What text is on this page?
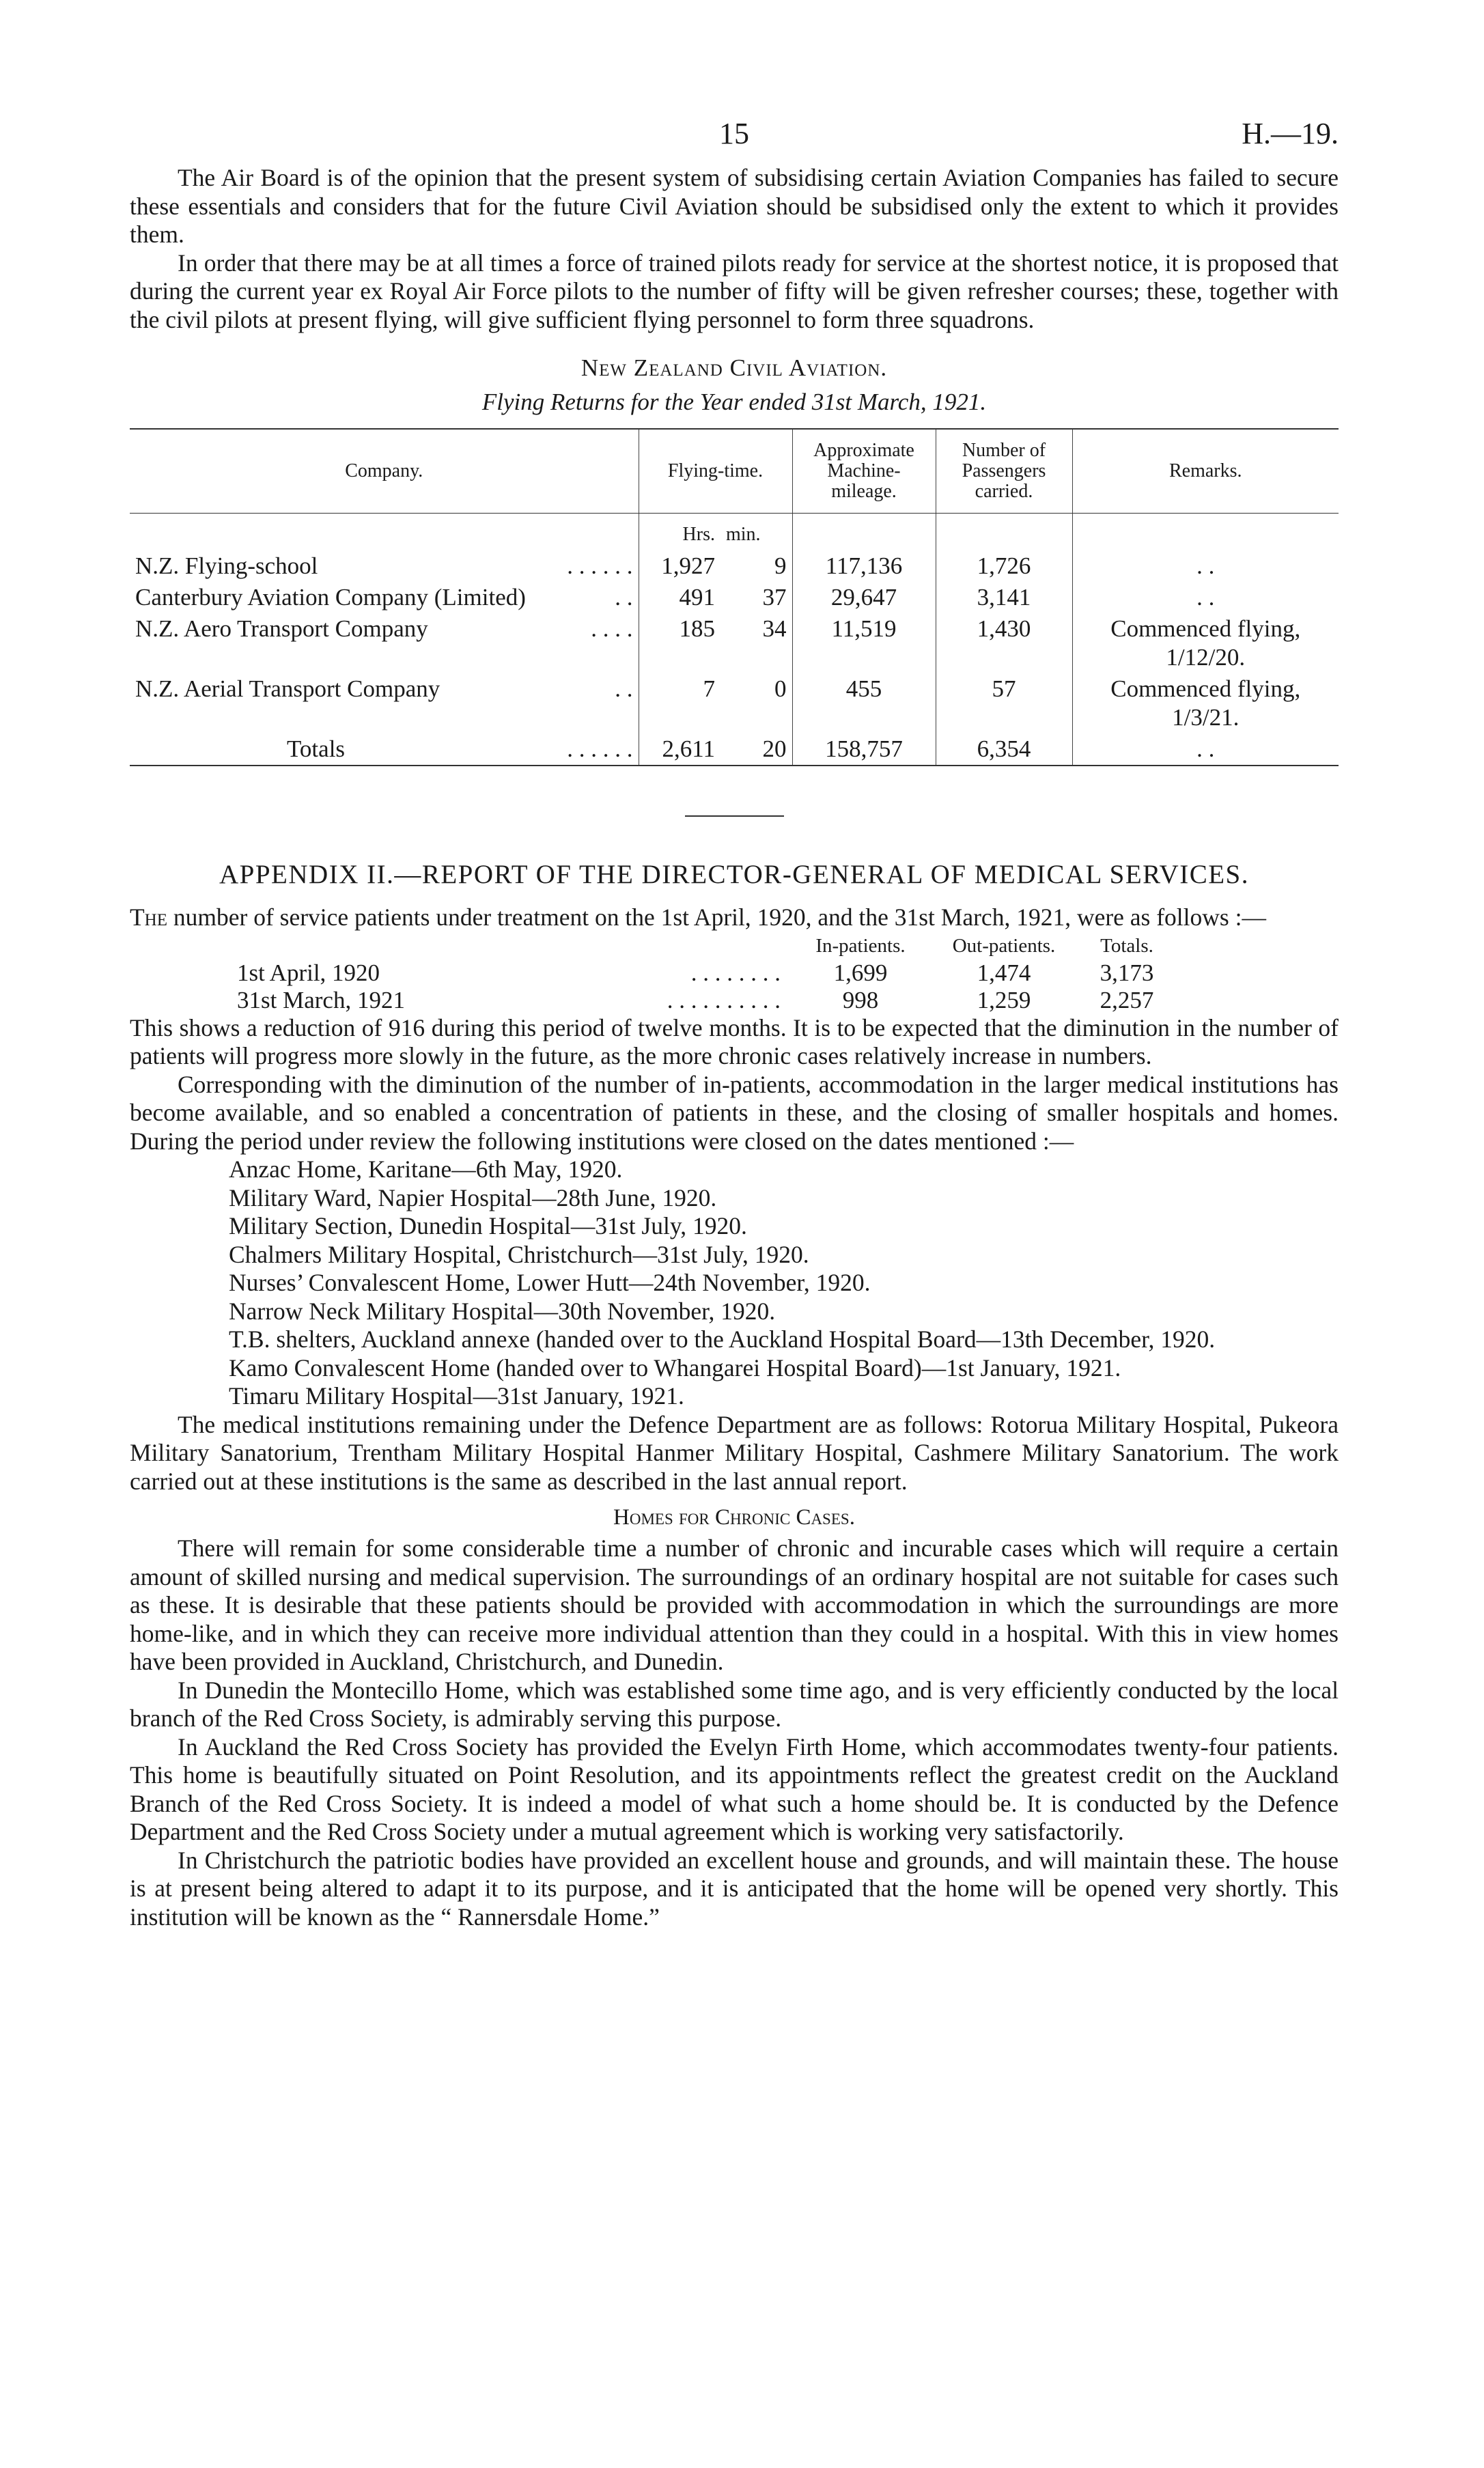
15	H.—19.

The Air Board is of the opinion that the present system of subsidising certain Aviation Companies has failed to secure these essentials and considers that for the future Civil Aviation should be subsidised only the extent to which it provides them.

In order that there may be at all times a force of trained pilots ready for service at the shortest notice, it is proposed that during the current year ex Royal Air Force pilots to the number of fifty will be given refresher courses; these, together with the civil pilots at present flying, will give sufficient flying personnel to form three squadrons.

New Zealand Civil Aviation.
Flying Returns for the Year ended 31st March, 1921.
Company.	Flying-time.		Approximate Machine-mileage.	Number of Passengers carried.	Remarks.
	Hrs.	min.			
N.Z. Flying-school . . . . . .	1,927	9	117,136	1,726	. .
Canterbury Aviation Company (Limited) . .	491	37	29,647	3,141	. .
N.Z. Aero Transport Company . . . .	185	34	11,519	1,430	Commenced flying, 1/12/20.
N.Z. Aerial Transport Company . .	7	0	455	57	Commenced flying, 1/3/21.
Totals . . . . . .	2,611	20	158,757	6,354	. .
APPENDIX II.—REPORT OF THE DIRECTOR-GENERAL OF MEDICAL SERVICES.

The number of service patients under treatment on the 1st April, 1920, and the 31st March, 1921, were as follows :—

		In-patients.	Out-patients.	Totals.
1st April, 1920	. . . . . . . .	1,699	1,474	3,173
31st March, 1921	. . . . . . . . . .	998	1,259	2,257

This shows a reduction of 916 during this period of twelve months. It is to be expected that the diminution in the number of patients will progress more slowly in the future, as the more chronic cases relatively increase in numbers.

Corresponding with the diminution of the number of in-patients, accommodation in the larger medical institutions has become available, and so enabled a concentration of patients in these, and the closing of smaller hospitals and homes. During the period under review the following institutions were closed on the dates mentioned :—

Anzac Home, Karitane—6th May, 1920.

Military Ward, Napier Hospital—28th June, 1920.

Military Section, Dunedin Hospital—31st July, 1920.

Chalmers Military Hospital, Christchurch—31st July, 1920.

Nurses’ Convalescent Home, Lower Hutt—24th November, 1920.

Narrow Neck Military Hospital—30th November, 1920.

T.B. shelters, Auckland annexe (handed over to the Auckland Hospital Board—13th December, 1920.

Kamo Convalescent Home (handed over to Whangarei Hospital Board)—1st January, 1921.

Timaru Military Hospital—31st January, 1921.

The medical institutions remaining under the Defence Department are as follows: Rotorua Military Hospital, Pukeora Military Sanatorium, Trentham Military Hospital Hanmer Military Hospital, Cashmere Military Sanatorium. The work carried out at these institutions is the same as described in the last annual report.

Homes for Chronic Cases.

There will remain for some considerable time a number of chronic and incurable cases which will require a certain amount of skilled nursing and medical supervision. The surroundings of an ordinary hospital are not suitable for cases such as these. It is desirable that these patients should be provided with accommodation in which the surroundings are more home-like, and in which they can receive more individual attention than they could in a hospital. With this in view homes have been provided in Auckland, Christchurch, and Dunedin.

In Dunedin the Montecillo Home, which was established some time ago, and is very efficiently conducted by the local branch of the Red Cross Society, is admirably serving this purpose.

In Auckland the Red Cross Society has provided the Evelyn Firth Home, which accommodates twenty-four patients. This home is beautifully situated on Point Resolution, and its appointments reflect the greatest credit on the Auckland Branch of the Red Cross Society. It is indeed a model of what such a home should be. It is conducted by the Defence Department and the Red Cross Society under a mutual agreement which is working very satisfactorily.

In Christchurch the patriotic bodies have provided an excellent house and grounds, and will maintain these. The house is at present being altered to adapt it to its purpose, and it is anticipated that the home will be opened very shortly. This institution will be known as the “ Rannersdale Home.”
